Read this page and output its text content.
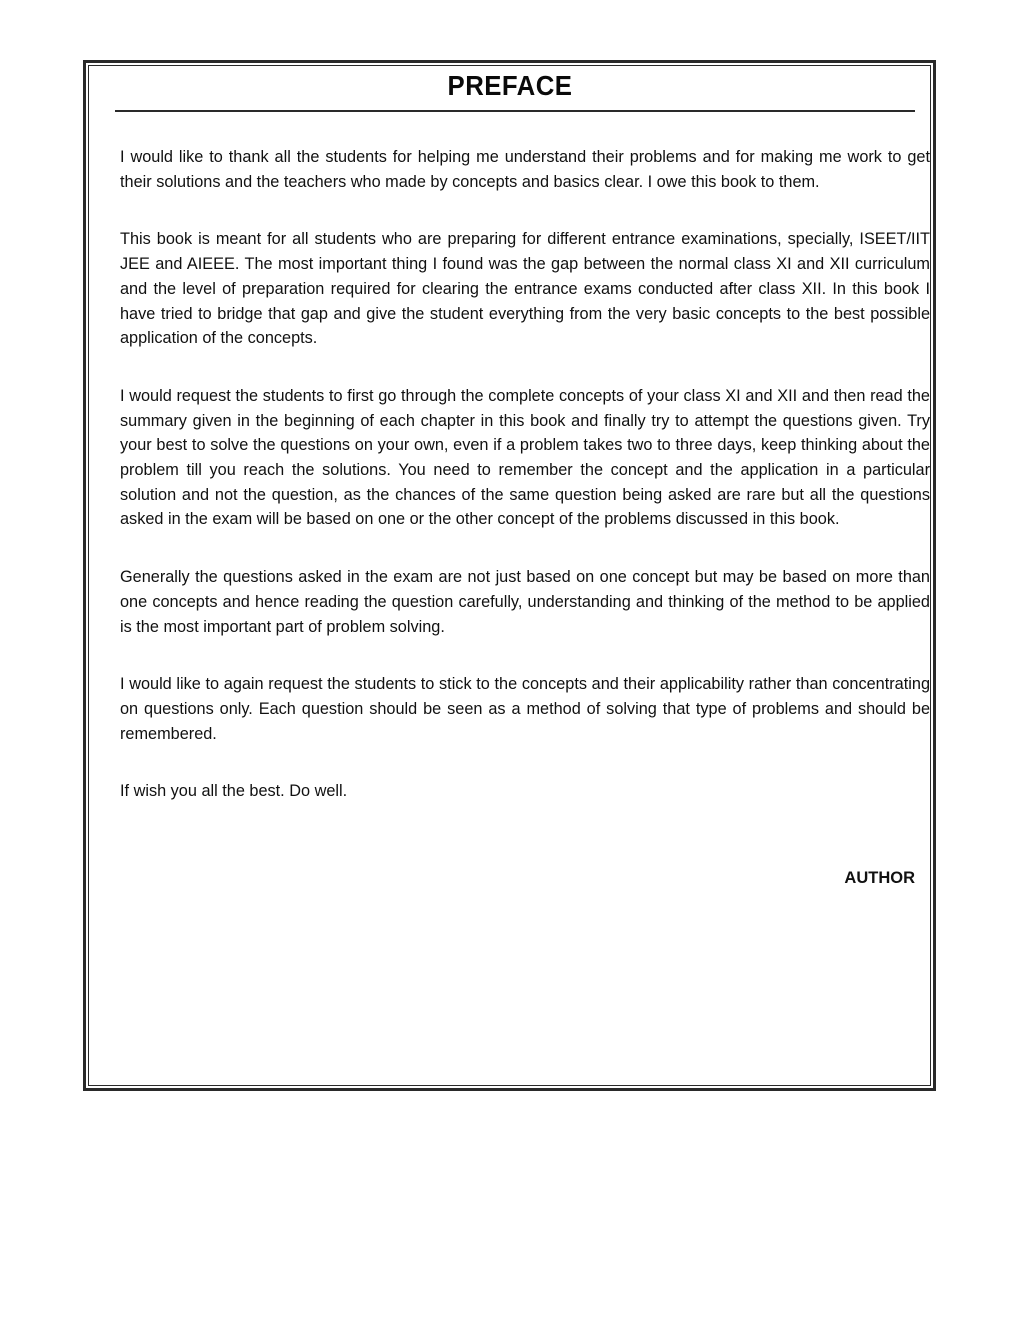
PREFACE

I would like to thank all the students for helping me understand their problems and for making me work to get their solutions and the teachers who made by concepts and basics clear. I owe this book to them.

This book is meant for all students who are preparing for different entrance examinations, specially, ISEET/IIT JEE and AIEEE. The most important thing I found was the gap between the normal class XI and XII curriculum and the level of preparation required for clearing the entrance exams conducted after class XII. In this book I have tried to bridge that gap and give the student everything from the very basic concepts to the best possible application of the concepts.

I would request the students to first go through the complete concepts of your class XI and XII and then read the summary given in the beginning of each chapter in this book and finally try to attempt the questions given. Try your best to solve the questions on your own, even if a problem takes two to three days, keep thinking about the problem till you reach the solutions. You need to remember the concept and the application in a particular solution and not the question, as the chances of the same question being asked are rare but all the questions asked in the exam will be based on one or the other concept of the problems discussed in this book.

Generally the questions asked in the exam are not just based on one concept but may be based on more than one concepts and hence reading the question carefully, understanding and thinking of the method to be applied is the most important part of problem solving.

I would like to again request the students to stick to the concepts and their applicability rather than concentrating on questions only. Each question should be seen as a method of solving that type of problems and should be remembered.

If wish you all the best. Do well.

AUTHOR
